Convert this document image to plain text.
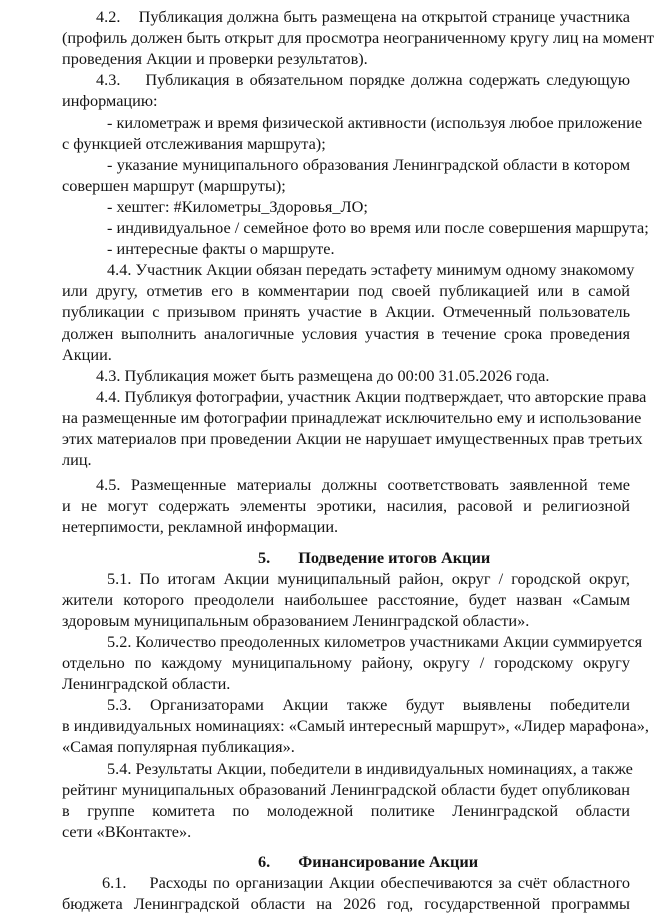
4.2.    Публикация должна быть размещена на открытой странице участника
(профиль должен быть открыт для просмотра неограниченному кругу лиц на момент
проведения Акции и проверки результатов).
4.3.    Публикация в обязательном порядке должна содержать следующую
информацию:
- километраж и время физической активности (используя любое приложение
с функцией отслеживания маршрута);
- указание муниципального образования Ленинградской области в котором
совершен маршрут (маршруты);
- хештег: #Километры_Здоровья_ЛО;
- индивидуальное / семейное фото во время или после совершения маршрута;
- интересные факты о маршруте.
4.4. Участник Акции обязан передать эстафету минимум одному знакомому
или другу, отметив его в комментарии под своей публикацией или в самой
публикации с призывом принять участие в Акции. Отмеченный пользователь
должен выполнить аналогичные условия участия в течение срока проведения
Акции.
4.3. Публикация может быть размещена до 00:00 31.05.2026 года.
4.4. Публикуя фотографии, участник Акции подтверждает, что авторские права
на размещенные им фотографии принадлежат исключительно ему и использование
этих материалов при проведении Акции не нарушает имущественных прав третьих
лиц.
4.5. Размещенные материалы должны соответствовать заявленной теме
и не могут содержать элементы эротики, насилия, расовой и религиозной
нетерпимости, рекламной информации.
5. Подведение итогов Акции
5.1. По итогам Акции муниципальный район, округ / городской округ,
жители которого преодолели наибольшее расстояние, будет назван «Самым
здоровым муниципальным образованием Ленинградской области».
5.2. Количество преодоленных километров участниками Акции суммируется
отдельно по каждому муниципальному району, округу / городскому округу
Ленинградской области.
5.3. Организаторами Акции также будут выявлены победители
в индивидуальных номинациях: «Самый интересный маршрут», «Лидер марафона»,
«Самая популярная публикация».
5.4. Результаты Акции, победители в индивидуальных номинациях, а также
рейтинг муниципальных образований Ленинградской области будет опубликован
в группе комитета по молодежной политике Ленинградской области
сети «ВКонтакте».
6.1.    Расходы по организации Акции обеспечиваются за счёт областного
бюджета Ленинградской области на 2026 год, государственной программы
6. Финансирование Акции
